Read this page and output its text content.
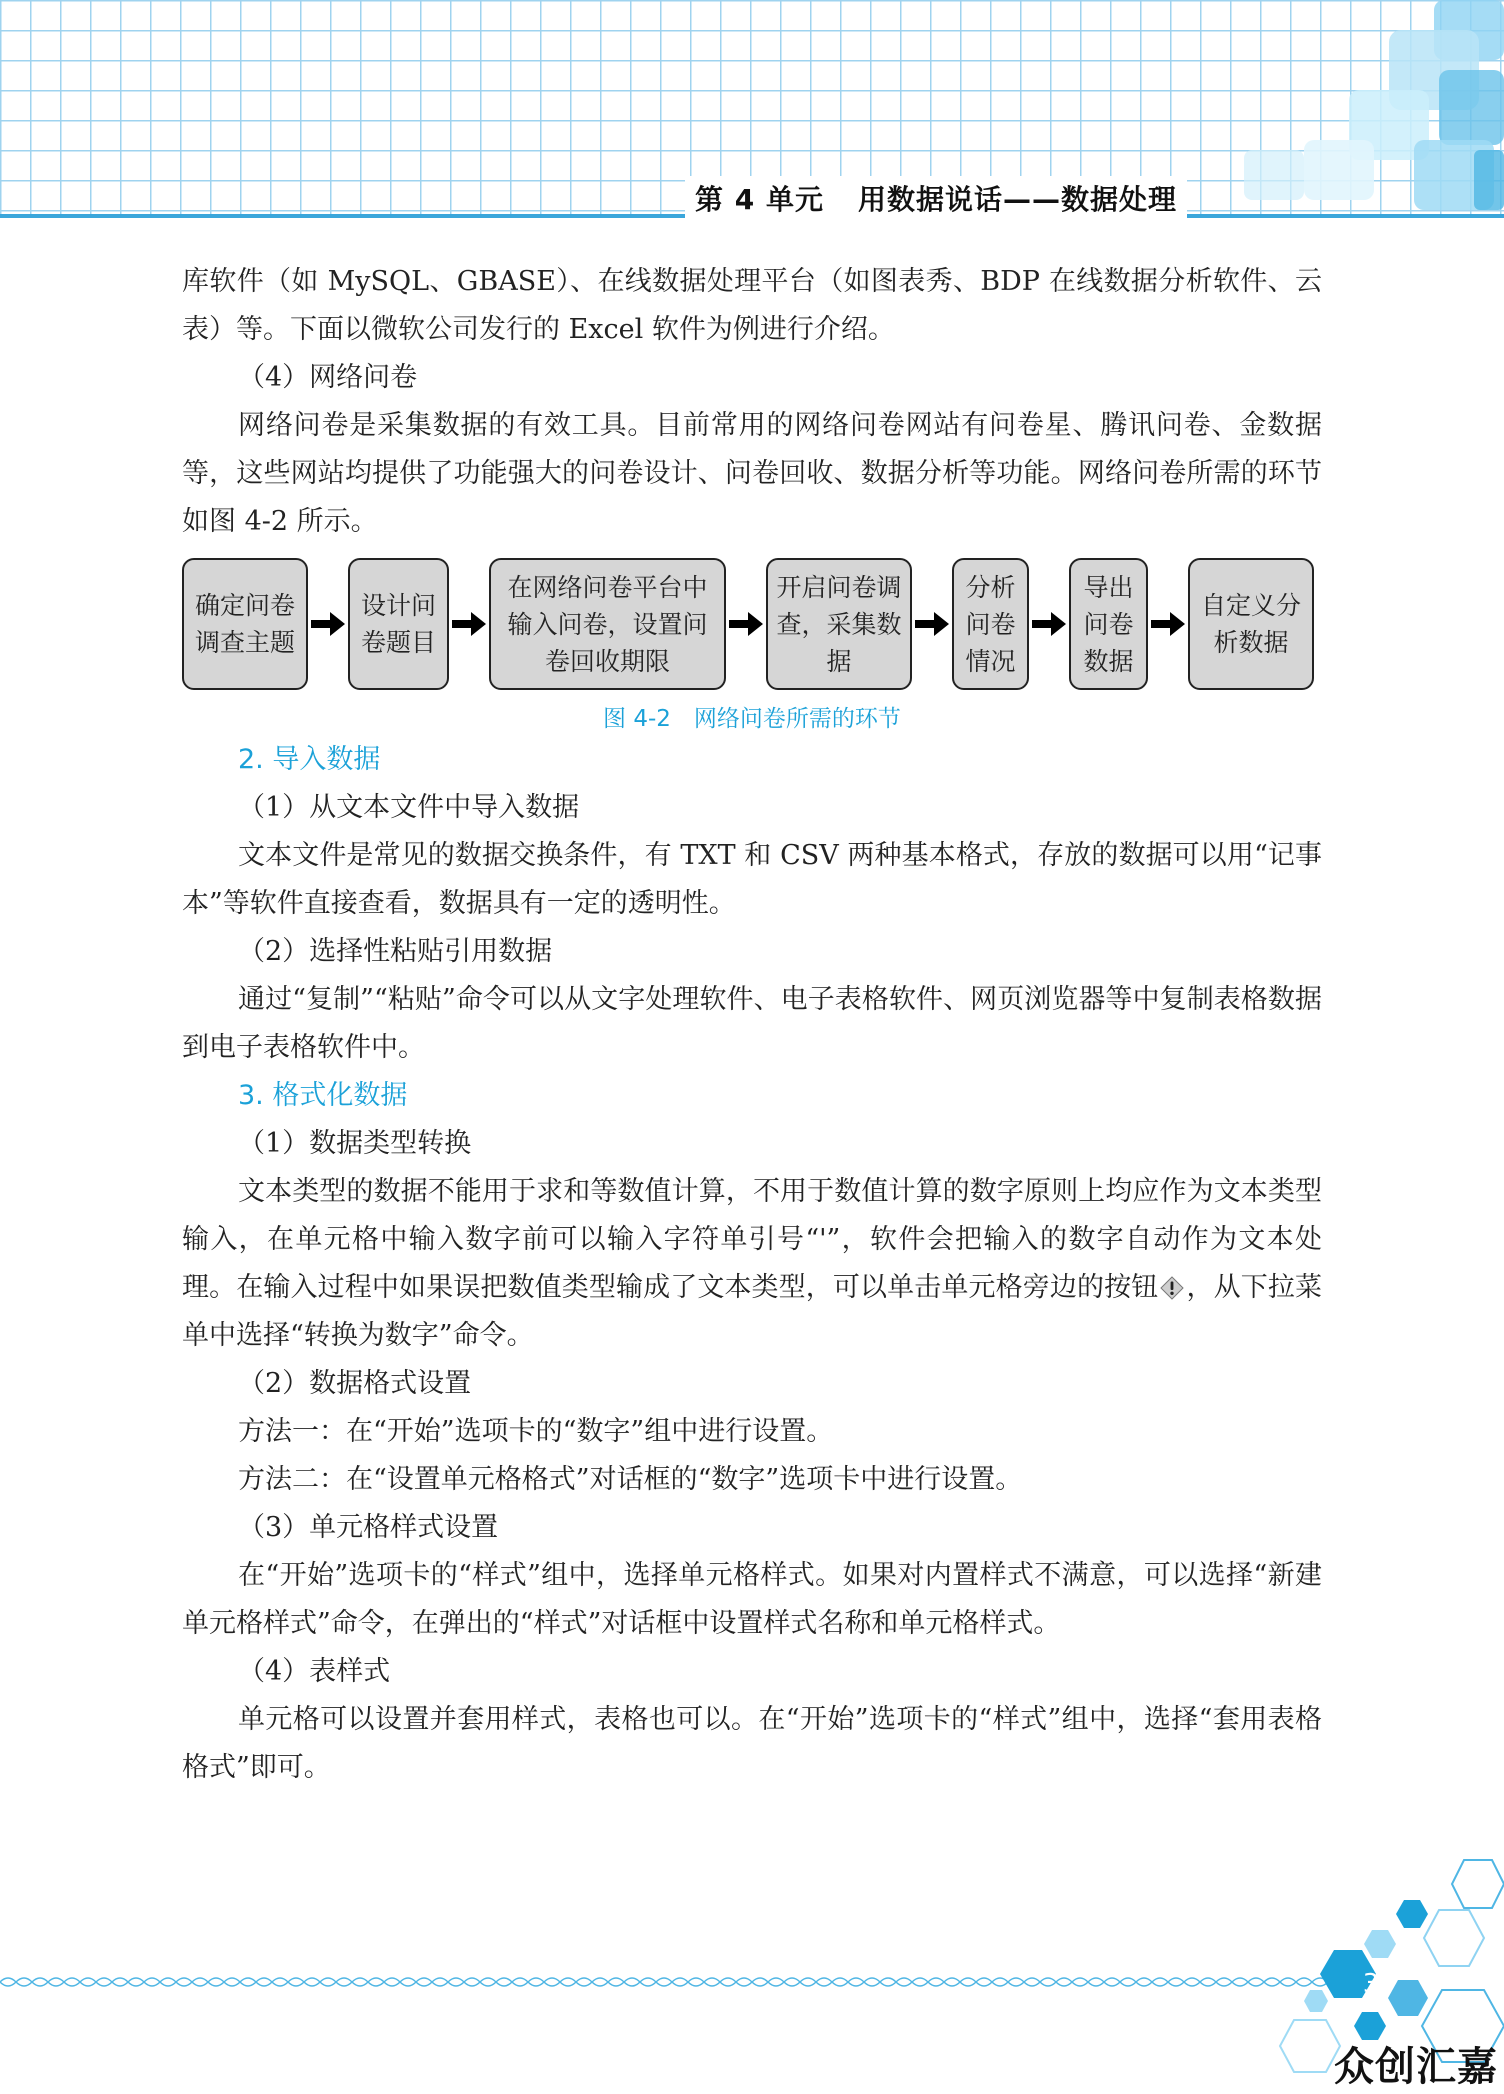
第 4 单元 用数据说话——数据处理

库软件（如 MySQL、GBASE）、在线数据处理平台（如图表秀、BDP 在线数据分析软件、云表）等。下面以微软公司发行的 Excel 软件为例进行介绍。

（4）网络问卷

网络问卷是采集数据的有效工具。目前常用的网络问卷网站有问卷星、腾讯问卷、金数据等，这些网站均提供了功能强大的问卷设计、问卷回收、数据分析等功能。网络问卷所需的环节如图 4-2 所示。

确定问卷调查主题
设计问卷题目
在网络问卷平台中输入问卷，设置问卷回收期限
开启问卷调查，采集数据
分析问卷情况
导出问卷数据
自定义分析数据
图 4-2　网络问卷所需的环节
2. 导入数据

（1）从文本文件中导入数据

文本文件是常见的数据交换条件，有 TXT 和 CSV 两种基本格式，存放的数据可以用“记事本”等软件直接查看，数据具有一定的透明性。

（2）选择性粘贴引用数据

通过“复制”“粘贴”命令可以从文字处理软件、电子表格软件、网页浏览器等中复制表格数据到电子表格软件中。

3. 格式化数据

（1）数据类型转换

文本类型的数据不能用于求和等数值计算，不用于数值计算的数字原则上均应作为文本类型输入，在单元格中输入数字前可以输入字符单引号“'”，软件会把输入的数字自动作为文本处理。在输入过程中如果误把数值类型输成了文本类型，可以单击单元格旁边的按钮 ，从下拉菜单中选择“转换为数字”命令。

（2）数据格式设置

方法一：在“开始”选项卡的“数字”组中进行设置。

方法二：在“设置单元格格式”对话框的“数字”选项卡中进行设置。

（3）单元格样式设置

在“开始”选项卡的“样式”组中，选择单元格样式。如果对内置样式不满意，可以选择“新建单元格样式”命令，在弹出的“样式”对话框中设置样式名称和单元格样式。

（4）表样式

单元格可以设置并套用样式，表格也可以。在“开始”选项卡的“样式”组中，选择“套用表格格式”即可。

3
众创汇嘉
